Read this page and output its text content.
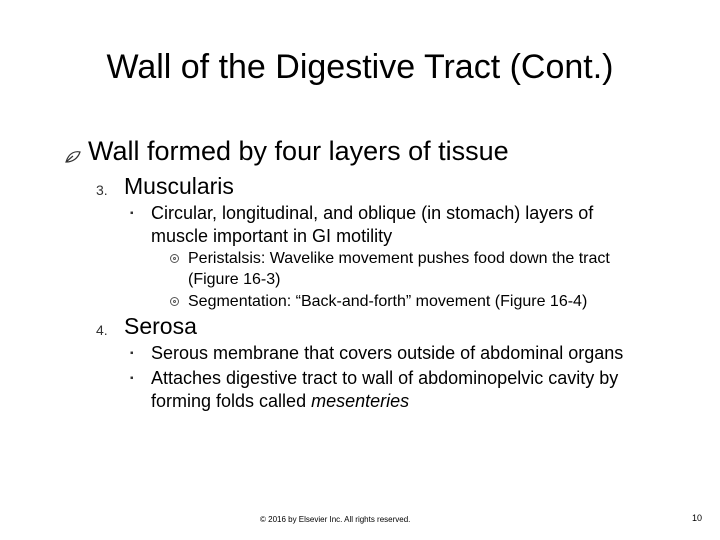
Wall of the Digestive Tract (Cont.)
Wall formed by four layers of tissue
3. Muscularis
▪ Circular, longitudinal, and oblique (in stomach) layers of
muscle important in GI motility
Peristalsis: Wavelike movement pushes food down the tract
(Figure 16-3)
Segmentation: “Back-and-forth” movement (Figure 16-4)
4. Serosa
▪ Serous membrane that covers outside of abdominal organs
▪ Attaches digestive tract to wall of abdominopelvic cavity by
forming folds called mesenteries
© 2016 by Elsevier Inc. All rights reserved.	10
